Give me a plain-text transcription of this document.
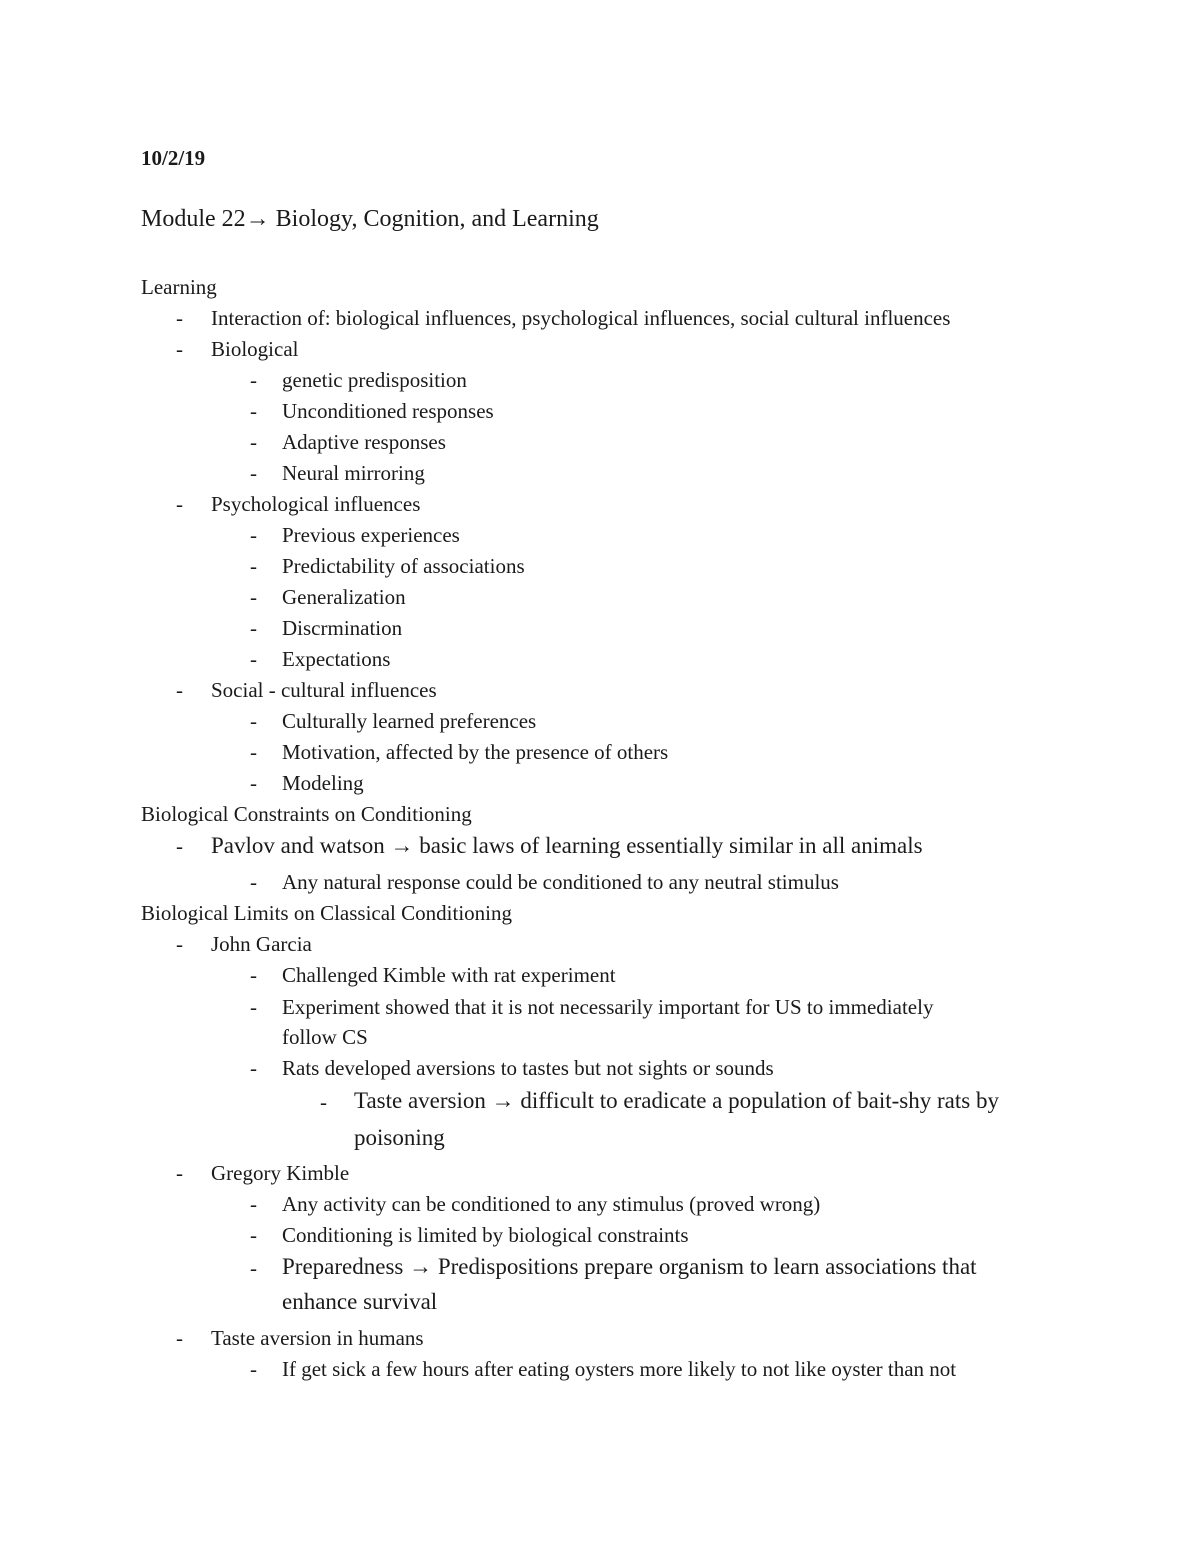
10/2/19
Module 22→ Biology, Cognition, and Learning
Learning
- Interaction of: biological influences, psychological influences, social cultural influences
- Biological
- genetic predisposition
- Unconditioned responses
- Adaptive responses
- Neural mirroring
- Psychological influences
- Previous experiences
- Predictability of associations
- Generalization
- Discrmination
- Expectations
- Social - cultural influences
- Culturally learned preferences
- Motivation, affected by the presence of others
- Modeling
Biological Constraints on Conditioning
- Pavlov and watson → basic laws of learning essentially similar in all animals
- Any natural response could be conditioned to any neutral stimulus
Biological Limits on Classical Conditioning
- John Garcia
- Challenged Kimble with rat experiment
- Experiment showed that it is not necessarily important for US to immediately
follow CS
- Rats developed aversions to tastes but not sights or sounds
- Taste aversion → difficult to eradicate a population of bait-shy rats by
poisoning
- Gregory Kimble
- Any activity can be conditioned to any stimulus (proved wrong)
- Conditioning is limited by biological constraints
- Preparedness → Predispositions prepare organism to learn associations that
enhance survival
- Taste aversion in humans
- If get sick a few hours after eating oysters more likely to not like oyster than not
